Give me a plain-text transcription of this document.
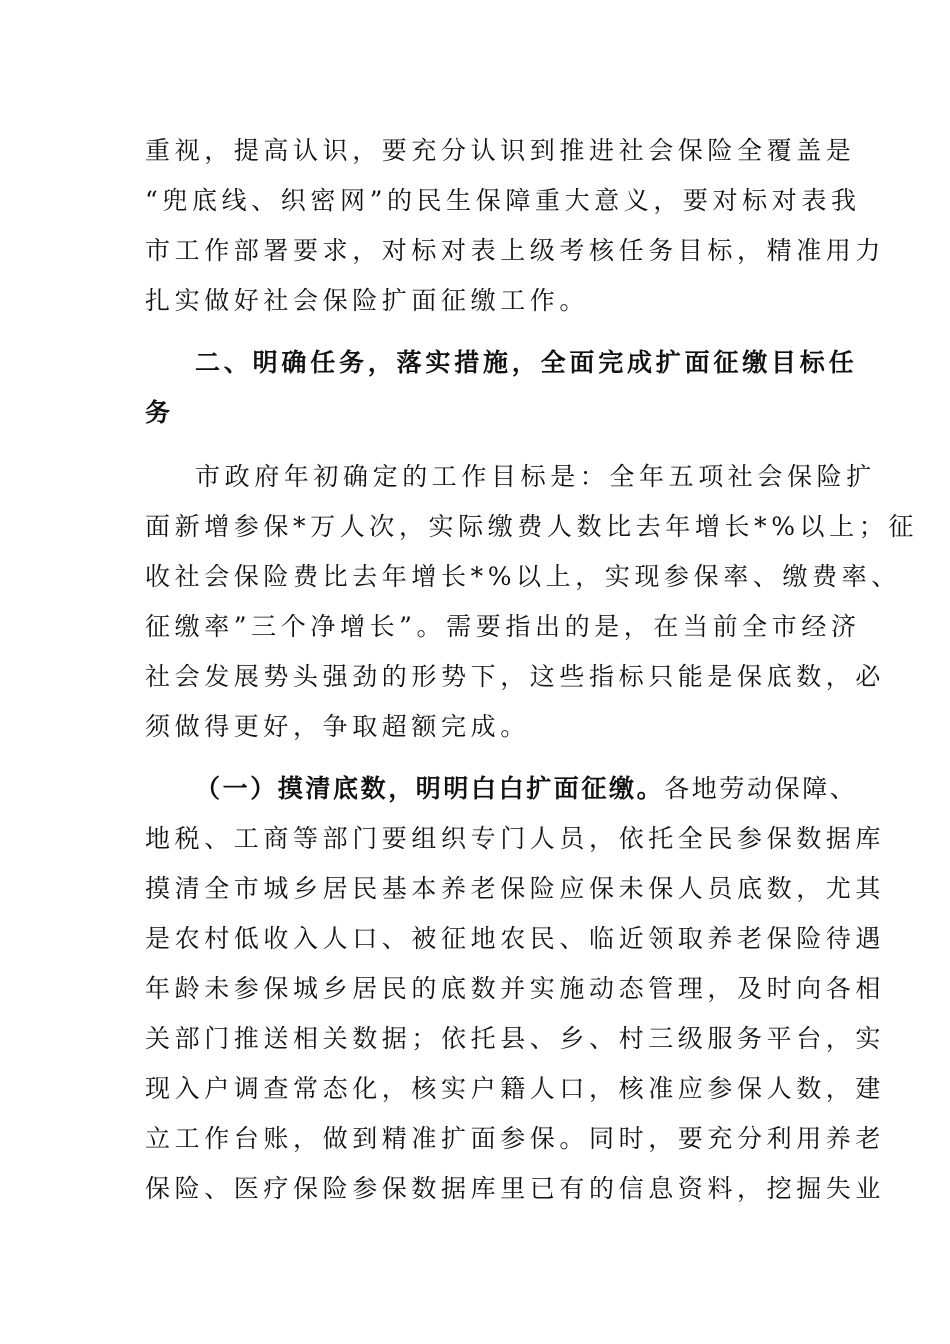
重视，提高认识，要充分认识到推进社会保险全覆盖是
“兜底线、织密网”的民生保障重大意义，要对标对表我
市工作部署要求，对标对表上级考核任务目标，精准用力
扎实做好社会保险扩面征缴工作。
二、明确任务，落实措施，全面完成扩面征缴目标任
务
市政府年初确定的工作目标是：全年五项社会保险扩
面新增参保*万人次，实际缴费人数比去年增长*%以上；征
收社会保险费比去年增长*%以上，实现参保率、缴费率、
征缴率”三个净增长”。需要指出的是，在当前全市经济
社会发展势头强劲的形势下，这些指标只能是保底数，必
须做得更好，争取超额完成。
（一）摸清底数，明明白白扩面征缴。各地劳动保障、
地税、工商等部门要组织专门人员，依托全民参保数据库
摸清全市城乡居民基本养老保险应保未保人员底数，尤其
是农村低收入人口、被征地农民、临近领取养老保险待遇
年龄未参保城乡居民的底数并实施动态管理，及时向各相
关部门推送相关数据；依托县、乡、村三级服务平台，实
现入户调查常态化，核实户籍人口，核准应参保人数，建
立工作台账，做到精准扩面参保。同时，要充分利用养老
保险、医疗保险参保数据库里已有的信息资料，挖掘失业
